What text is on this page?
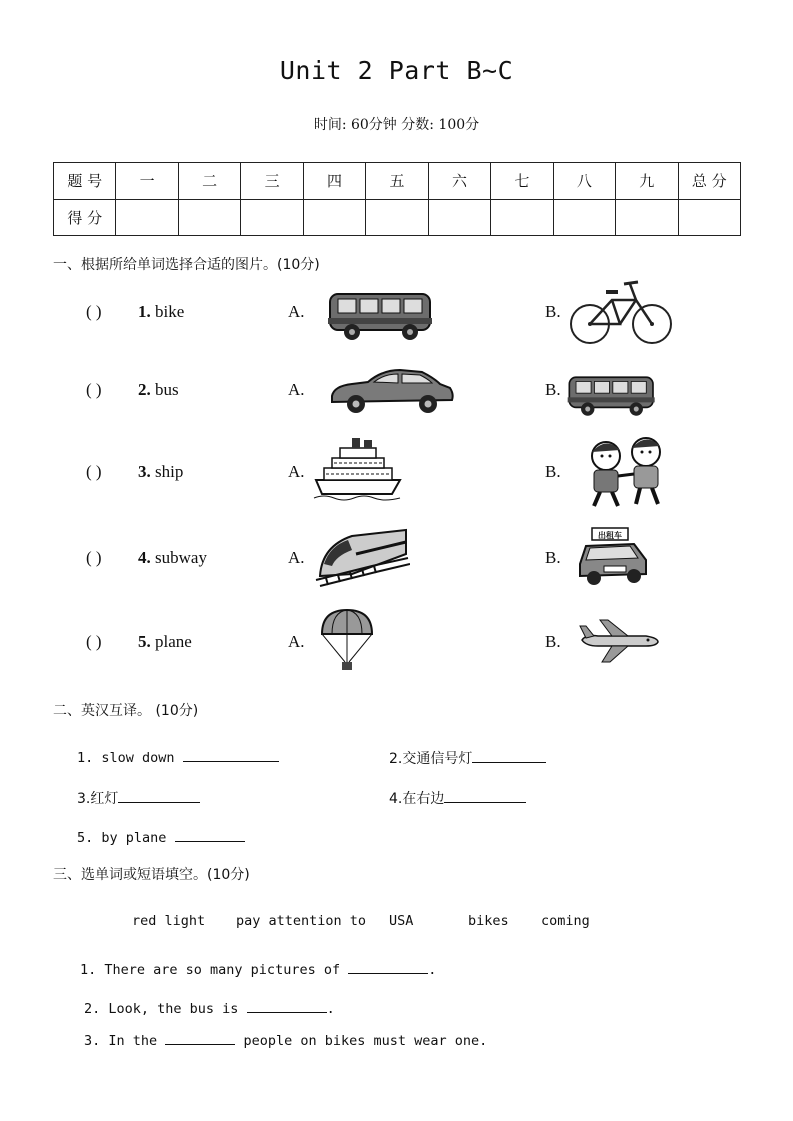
Unit 2 Part B~C
时间: 60分钟 分数: 100分
题 号	一	二	三	四	五	六	七	八	九	总 分
得 分										
一、根据所给单词选择合适的图片。(10分)
( ) 1. bike	A.	B.
( ) 2. bus	A.	B.
( ) 3. ship	A.	B.
( ) 4. subway	A.	B.
出租车
( ) 5. plane	A.	B.
二、英汉互译。 (10分)
1. slow down	2.交通信号灯
3.红灯	4.在右边
5. by plane
三、选单词或短语填空。(10分)
red light pay attention to USA	bikes coming
1. There are so many pictures of	.
2. Look, the bus is	.
3. In the	people on bikes must wear one.
